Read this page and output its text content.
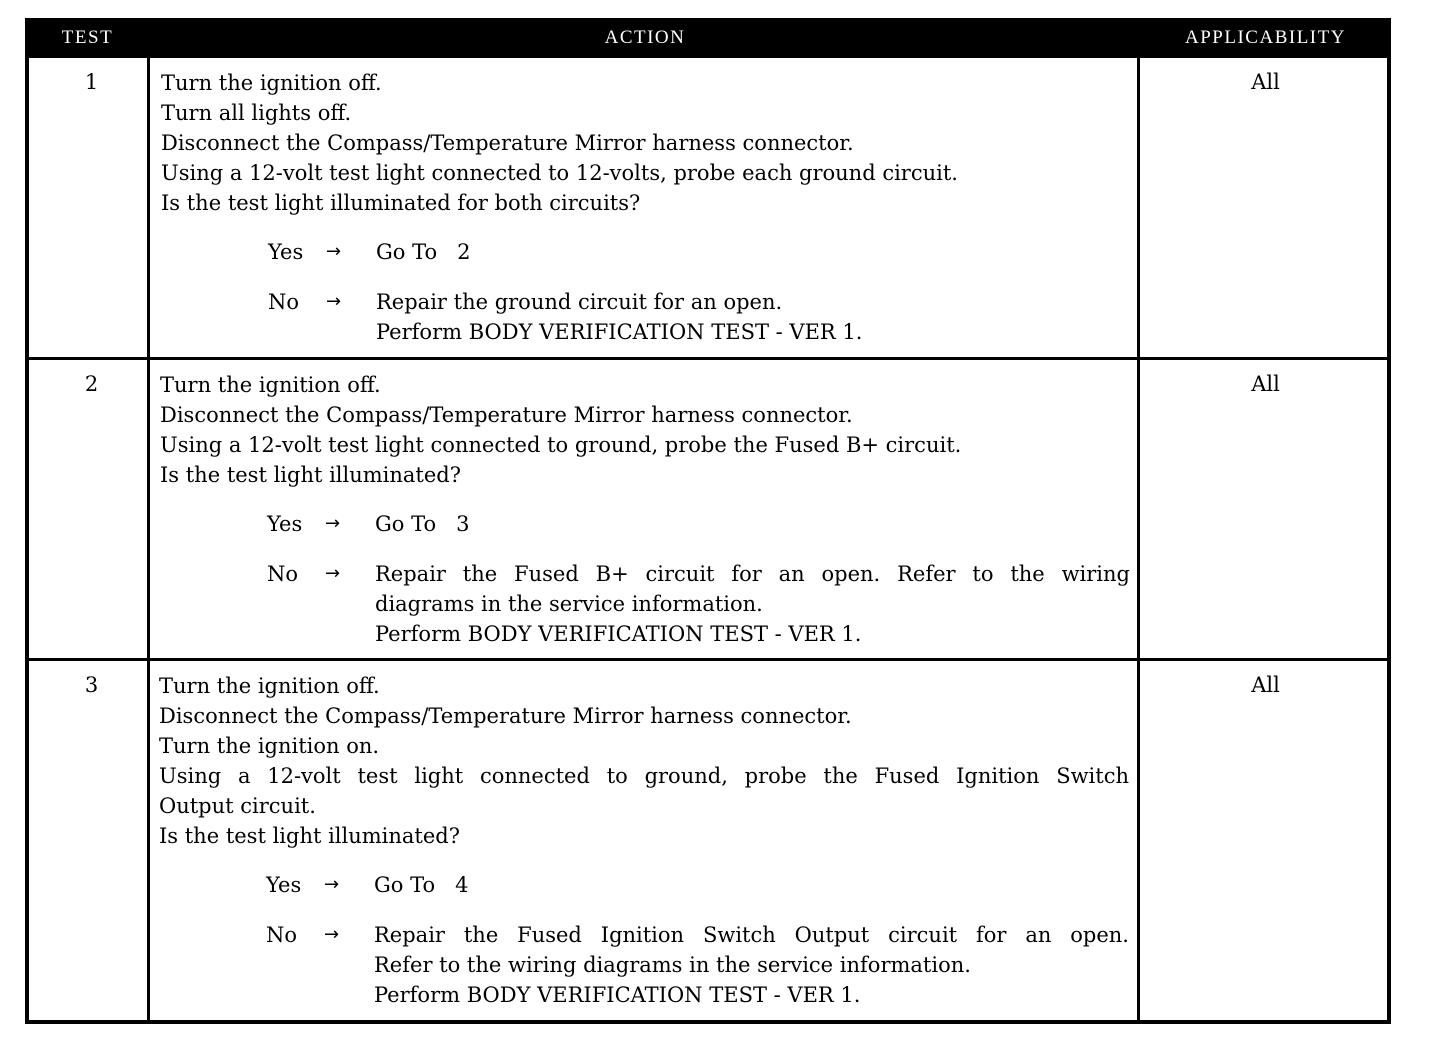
TEST	ACTION	APPLICABILITY
1	Turn the ignition off.
Turn all lights off.
Disconnect the Compass/Temperature Mirror harness connector.
Using a 12-volt test light connected to 12-volts, probe each ground circuit.
Is the test light illuminated for both circuits?
Yes	→	Go To   2
No	→	Repair the ground circuit for an open.
Perform BODY VERIFICATION TEST - VER 1.
All
2	Turn the ignition off.
Disconnect the Compass/Temperature Mirror harness connector.
Using a 12-volt test light connected to ground, probe the Fused B+ circuit.
Is the test light illuminated?
Yes	→	Go To   3
No	→	Repair the Fused B+ circuit for an open. Refer to the wiring
diagrams in the service information.
Perform BODY VERIFICATION TEST - VER 1.
All
3	Turn the ignition off.
Disconnect the Compass/Temperature Mirror harness connector.
Turn the ignition on.
Using a 12-volt test light connected to ground, probe the Fused Ignition Switch
Output circuit.
Is the test light illuminated?
Yes	→	Go To   4
No	→	Repair the Fused Ignition Switch Output circuit for an open.
Refer to the wiring diagrams in the service information.
Perform BODY VERIFICATION TEST - VER 1.
All
